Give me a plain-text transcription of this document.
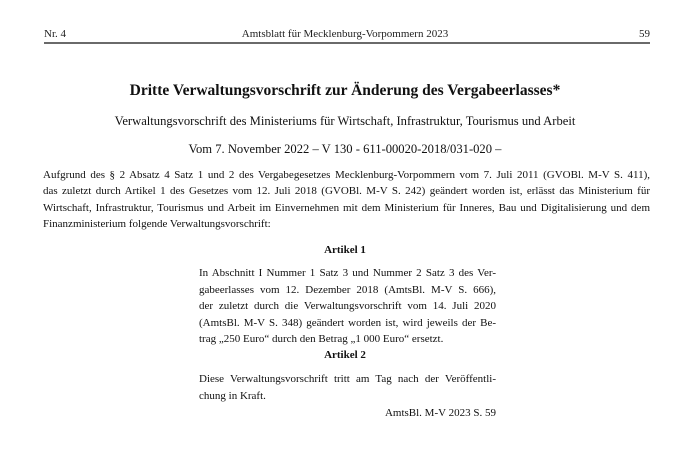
Nr. 4	Amtsblatt für Mecklenburg-Vorpommern 2023	59
Dritte Verwaltungsvorschrift zur Änderung des Vergabeerlasses*
Verwaltungsvorschrift des Ministeriums für Wirtschaft, Infrastruktur, Tourismus und Arbeit
Vom 7. November 2022 – V 130 - 611-00020-2018/031-020 –
Aufgrund des § 2 Absatz 4 Satz 1 und 2 des Vergabegesetzes Mecklenburg-Vorpommern vom 7. Juli 2011 (GVOBl. M-V S. 411),
das zuletzt durch Artikel 1 des Gesetzes vom 12. Juli 2018 (GVOBl. M-V S. 242) geändert worden ist, erlässt das Ministerium für
Wirtschaft, Infrastruktur, Tourismus und Arbeit im Einvernehmen mit dem Ministerium für Inneres, Bau und Digitalisierung und dem
Finanzministerium folgende Verwaltungsvorschrift:
Artikel 1
In Abschnitt I Nummer 1 Satz 3 und Nummer 2 Satz 3 des Ver-
gabeerlasses vom 12. Dezember 2018 (AmtsBl. M-V S. 666),
der zuletzt durch die Verwaltungsvorschrift vom 14. Juli 2020
(AmtsBl. M-V S. 348) geändert worden ist, wird jeweils der Be-
trag „250 Euro“ durch den Betrag „1 000 Euro“ ersetzt.
Artikel 2
Diese Verwaltungsvorschrift tritt am Tag nach der Veröffentli-
chung in Kraft.
AmtsBl. M-V 2023 S. 59
